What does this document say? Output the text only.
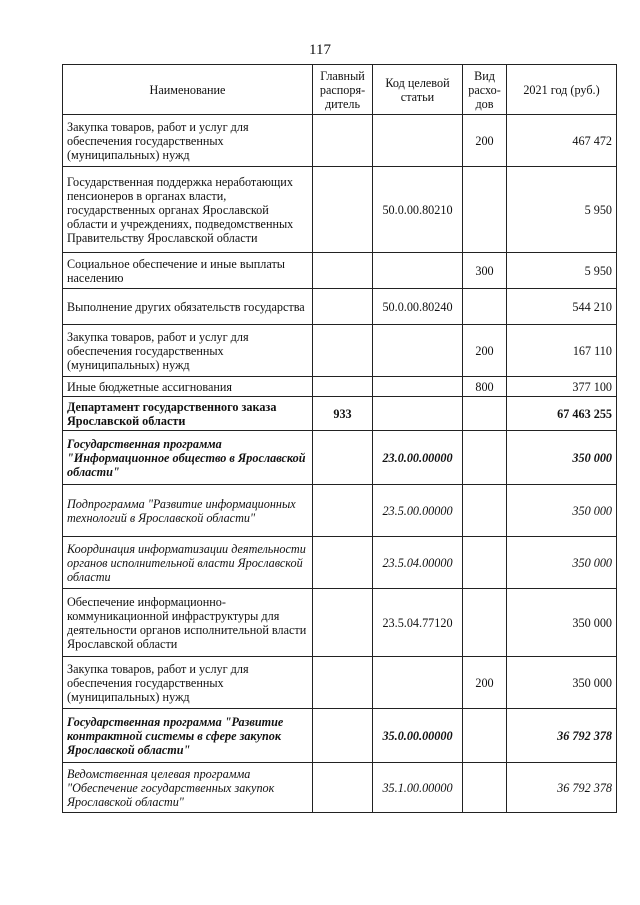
117
Наименование	Главный распоря-дитель	Код целевой статьи	Вид расхо-дов	2021 год (руб.)
Закупка товаров, работ и услуг для обеспечения государственных (муниципальных) нужд			200	467 472
Государственная поддержка неработающих пенсионеров в органах власти, государственных органах Ярославской области и учреждениях, подведомственных Правительству Ярославской области		50.0.00.80210		5 950
Социальное обеспечение и иные выплаты населению			300	5 950
Выполнение других обязательств государства		50.0.00.80240		544 210
Закупка товаров, работ и услуг для обеспечения государственных (муниципальных) нужд			200	167 110
Иные бюджетные ассигнования			800	377 100
Департамент государственного заказа Ярославской области	933			67 463 255
Государственная программа "Информационное общество в Ярославской области"		23.0.00.00000		350 000
Подпрограмма "Развитие информационных технологий в Ярославской области"		23.5.00.00000		350 000
Координация информатизации деятельности органов исполнительной власти Ярославской области		23.5.04.00000		350 000
Обеспечение информационно-коммуникационной инфраструктуры для деятельности органов исполнительной власти Ярославской области		23.5.04.77120		350 000
Закупка товаров, работ и услуг для обеспечения государственных (муниципальных) нужд			200	350 000
Государственная программа "Развитие контрактной системы в сфере закупок Ярославской области"		35.0.00.00000		36 792 378
Ведомственная целевая программа "Обеспечение государственных закупок Ярославской области"		35.1.00.00000		36 792 378
